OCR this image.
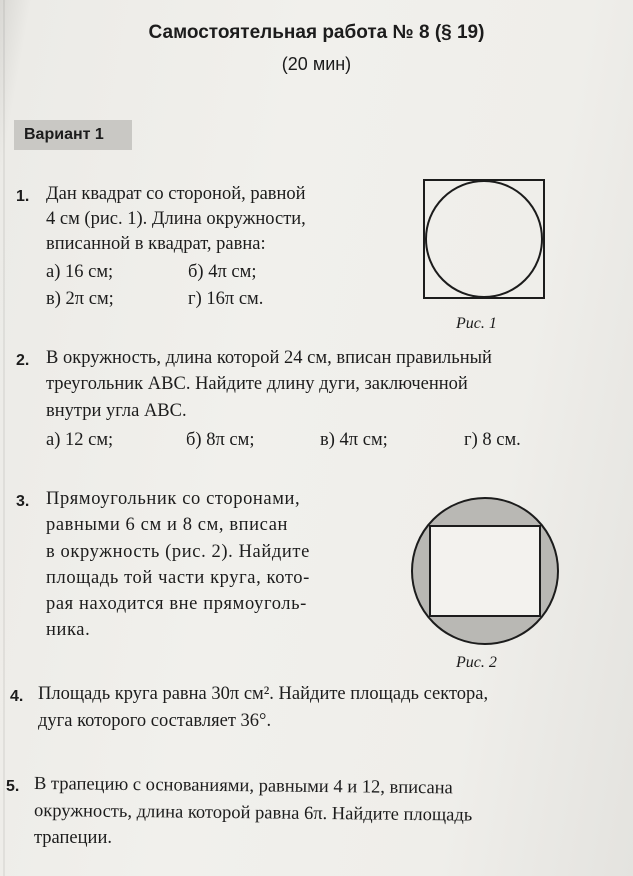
Самостоятельная работа № 8 (§ 19)
(20 мин)
Вариант 1
1. Дан квадрат со стороной, равной
4 см (рис. 1). Длина окружности,
вписанной в квадрат, равна:
а) 16 см;	б) 4π см;
в) 2π см;	г) 16π см.
Рис. 1
2. В окружность, длина которой 24 см, вписан правильный
треугольник ABC. Найдите длину дуги, заключенной
внутри угла ABC.
а) 12 см;	б) 8π см;	в) 4π см;	г) 8 см.
3. Прямоугольник со сторонами,
равными 6 см и 8 см, вписан
в окружность (рис. 2). Найдите
площадь той части круга, кото-
рая находится вне прямоуголь-
ника.
Рис. 2
4. Площадь круга равна 30π см². Найдите площадь сектора,
дуга которого составляет 36°.
5. В трапецию с основаниями, равными 4 и 12, вписана
окружность, длина которой равна 6π. Найдите площадь
трапеции.
